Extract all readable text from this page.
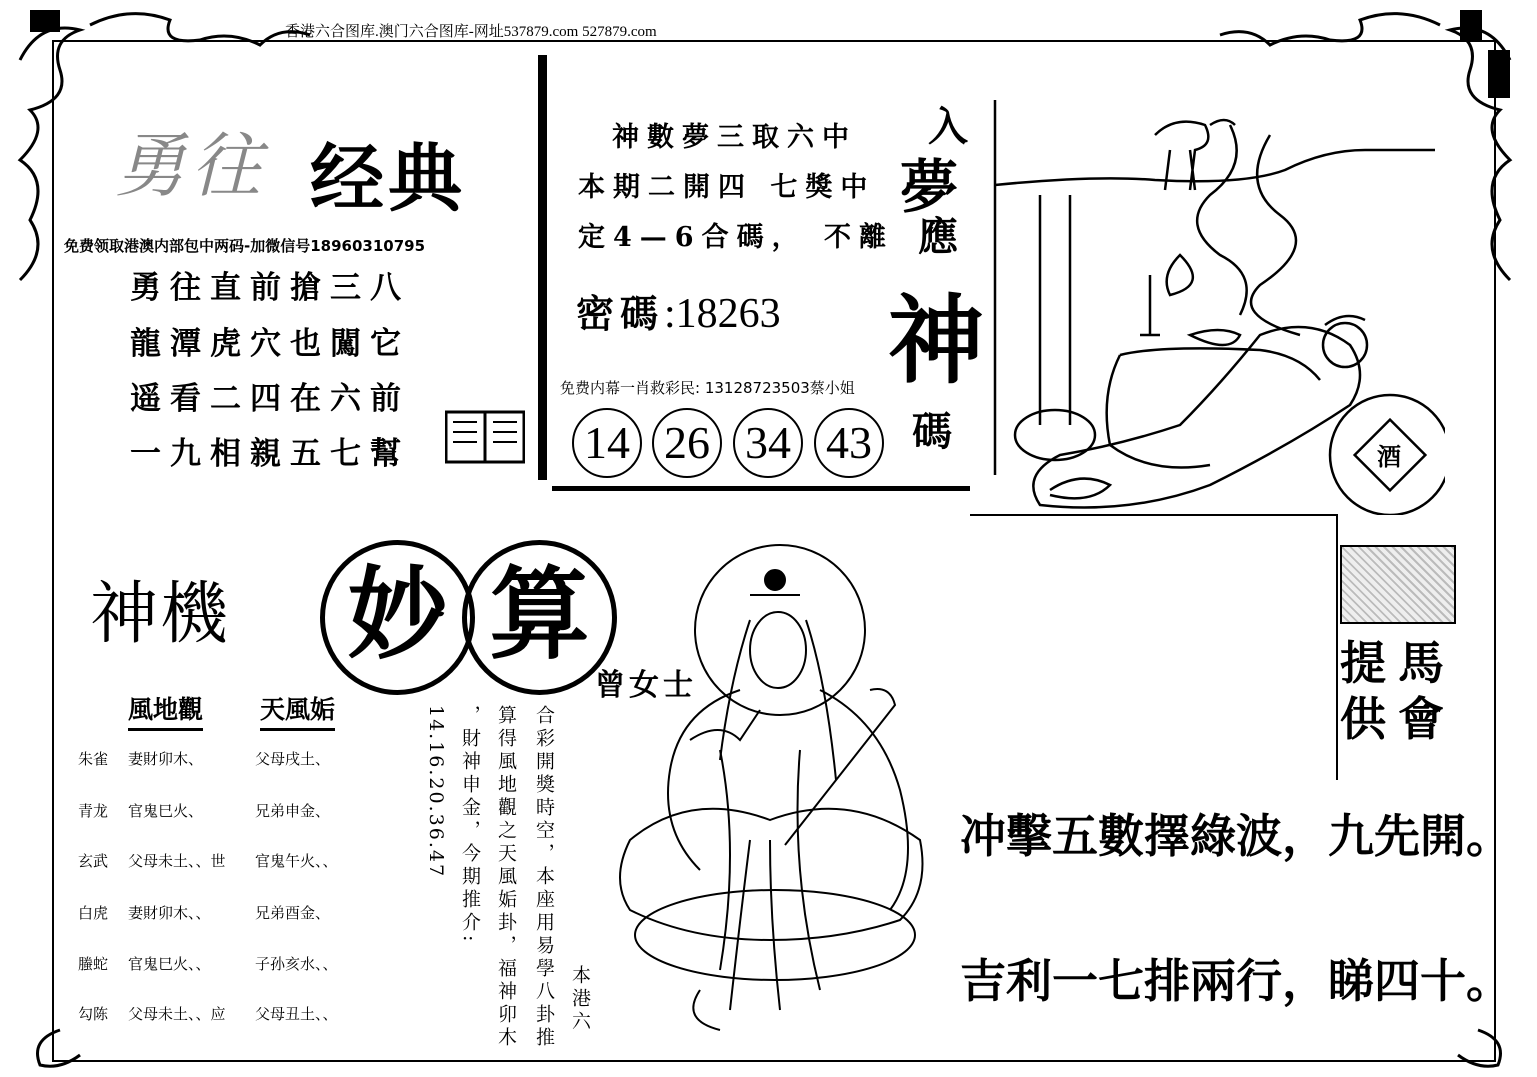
香港六合图库.澳门六合图库-网址537879.com 527879.com
勇往 经典
免费领取港澳内部包中两码-加微信号18960310795
勇往直前搶三八
龍潭虎穴也闖它
遥看二四在六前
一九相親五七幫
神數夢三取六中
本期二開四 七獎中
定4—6合碼， 不離
密碼:18263
免费内幕一肖救彩民: 13128723503蔡小姐
14 26 34 43
入
夢
應
神
碼
酒
提 馬
供 會
神機 妙 算
曾女士
風地觀 天風姤
朱雀 妻財卯木、	父母戌土、
青龙 官鬼巳火、	兄弟申金、
玄武 父母未土、、世 官鬼午火、、
白虎 妻財卯木、、	兄弟酉金、
螣蛇 官鬼巳火、、	子孙亥水、、
勾陈 父母未土、、应 父母丑土、、	本港六
合彩開獎時空，本座用易學八卦推
算得風地觀之天風姤卦，福神卯木
，財神申金，今期推介:
14.16.20.36.47	冲擊五數擇綠波，九先開。
吉利一七排兩行，睇四十。
